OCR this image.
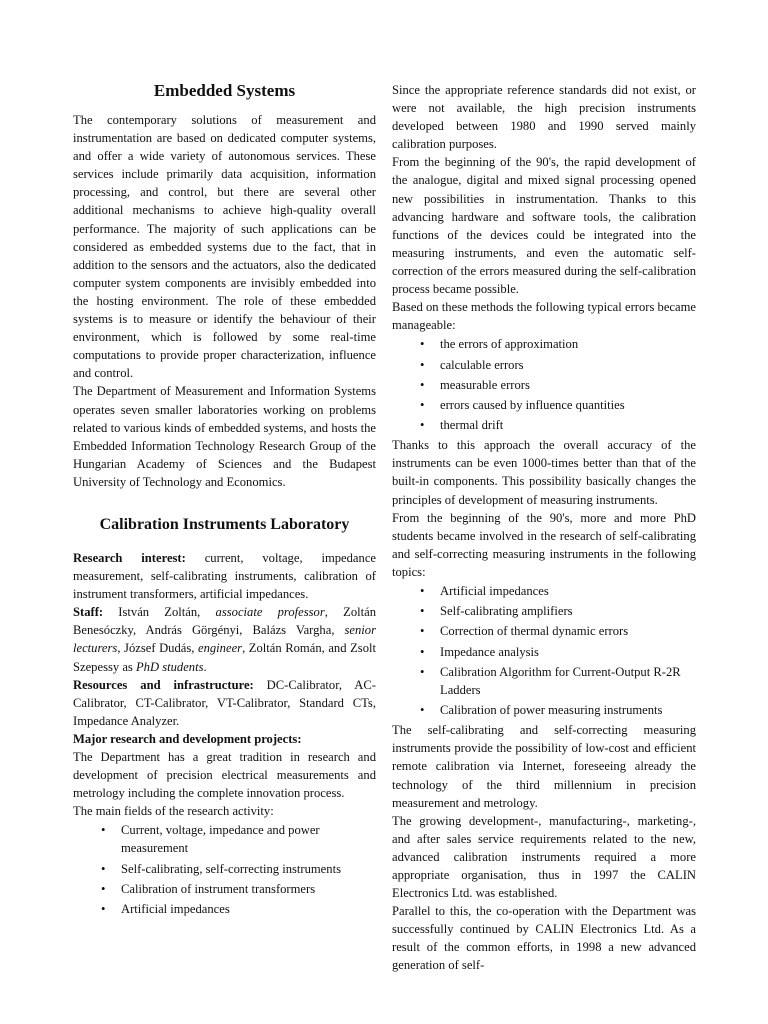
Embedded Systems

The contemporary solutions of measurement and instrumentation are based on dedicated computer systems, and offer a wide variety of autonomous services. These services include primarily data acquisition, information processing, and control, but there are several other additional mechanisms to achieve high-quality overall performance. The majority of such applications can be considered as embedded systems due to the fact, that in addition to the sensors and the actuators, also the dedicated computer system components are invisibly embedded into the hosting environment. The role of these embedded systems is to measure or identify the behaviour of their environment, which is followed by some real-time computations to provide proper characterization, influence and control.

The Department of Measurement and Information Systems operates seven smaller laboratories working on problems related to various kinds of embedded systems, and hosts the Embedded Information Technology Research Group of the Hungarian Academy of Sciences and the Budapest University of Technology and Economics.

Calibration Instruments Laboratory

Research interest: current, voltage, impedance measurement, self-calibrating instruments, calibration of instrument transformers, artificial impedances.

Staff: István Zoltán, associate professor, Zoltán Benesóczky, András Görgényi, Balázs Vargha, senior lecturers, József Dudás, engineer, Zoltán Román, and Zsolt Szepessy as PhD students.

Resources and infrastructure: DC-Calibrator, AC-Calibrator, CT-Calibrator, VT-Calibrator, Standard CTs, Impedance Analyzer.

Major research and development projects:

The Department has a great tradition in research and development of precision electrical measurements and metrology including the complete innovation process.

The main fields of the research activity:

• Current, voltage, impedance and power measurement
• Self-calibrating, self-correcting instruments
• Calibration of instrument transformers
• Artificial impedances

Since the appropriate reference standards did not exist, or were not available, the high precision instruments developed between 1980 and 1990 served mainly calibration purposes.

From the beginning of the 90's, the rapid development of the analogue, digital and mixed signal processing opened new possibilities in instrumentation. Thanks to this advancing hardware and software tools, the calibration functions of the devices could be integrated into the measuring instruments, and even the automatic self-correction of the errors measured during the self-calibration process became possible.

Based on these methods the following typical errors became manageable:

• the errors of approximation
• calculable errors
• measurable errors
• errors caused by influence quantities
• thermal drift

Thanks to this approach the overall accuracy of the instruments can be even 1000-times better than that of the built-in components. This possibility basically changes the principles of development of measuring instruments.

From the beginning of the 90's, more and more PhD students became involved in the research of self-calibrating and self-correcting measuring instruments in the following topics:

• Artificial impedances
• Self-calibrating amplifiers
• Correction of thermal dynamic errors
• Impedance analysis
• Calibration Algorithm for Current-Output R-2R Ladders
• Calibration of power measuring instruments

The self-calibrating and self-correcting measuring instruments provide the possibility of low-cost and efficient remote calibration via Internet, foreseeing already the technology of the third millennium in precision measurement and metrology.

The growing development-, manufacturing-, marketing-, and after sales service requirements related to the new, advanced calibration instruments required a more appropriate organisation, thus in 1997 the CALIN Electronics Ltd. was established.

Parallel to this, the co-operation with the Department was successfully continued by CALIN Electronics Ltd. As a result of the common efforts, in 1998 a new advanced generation of self-
